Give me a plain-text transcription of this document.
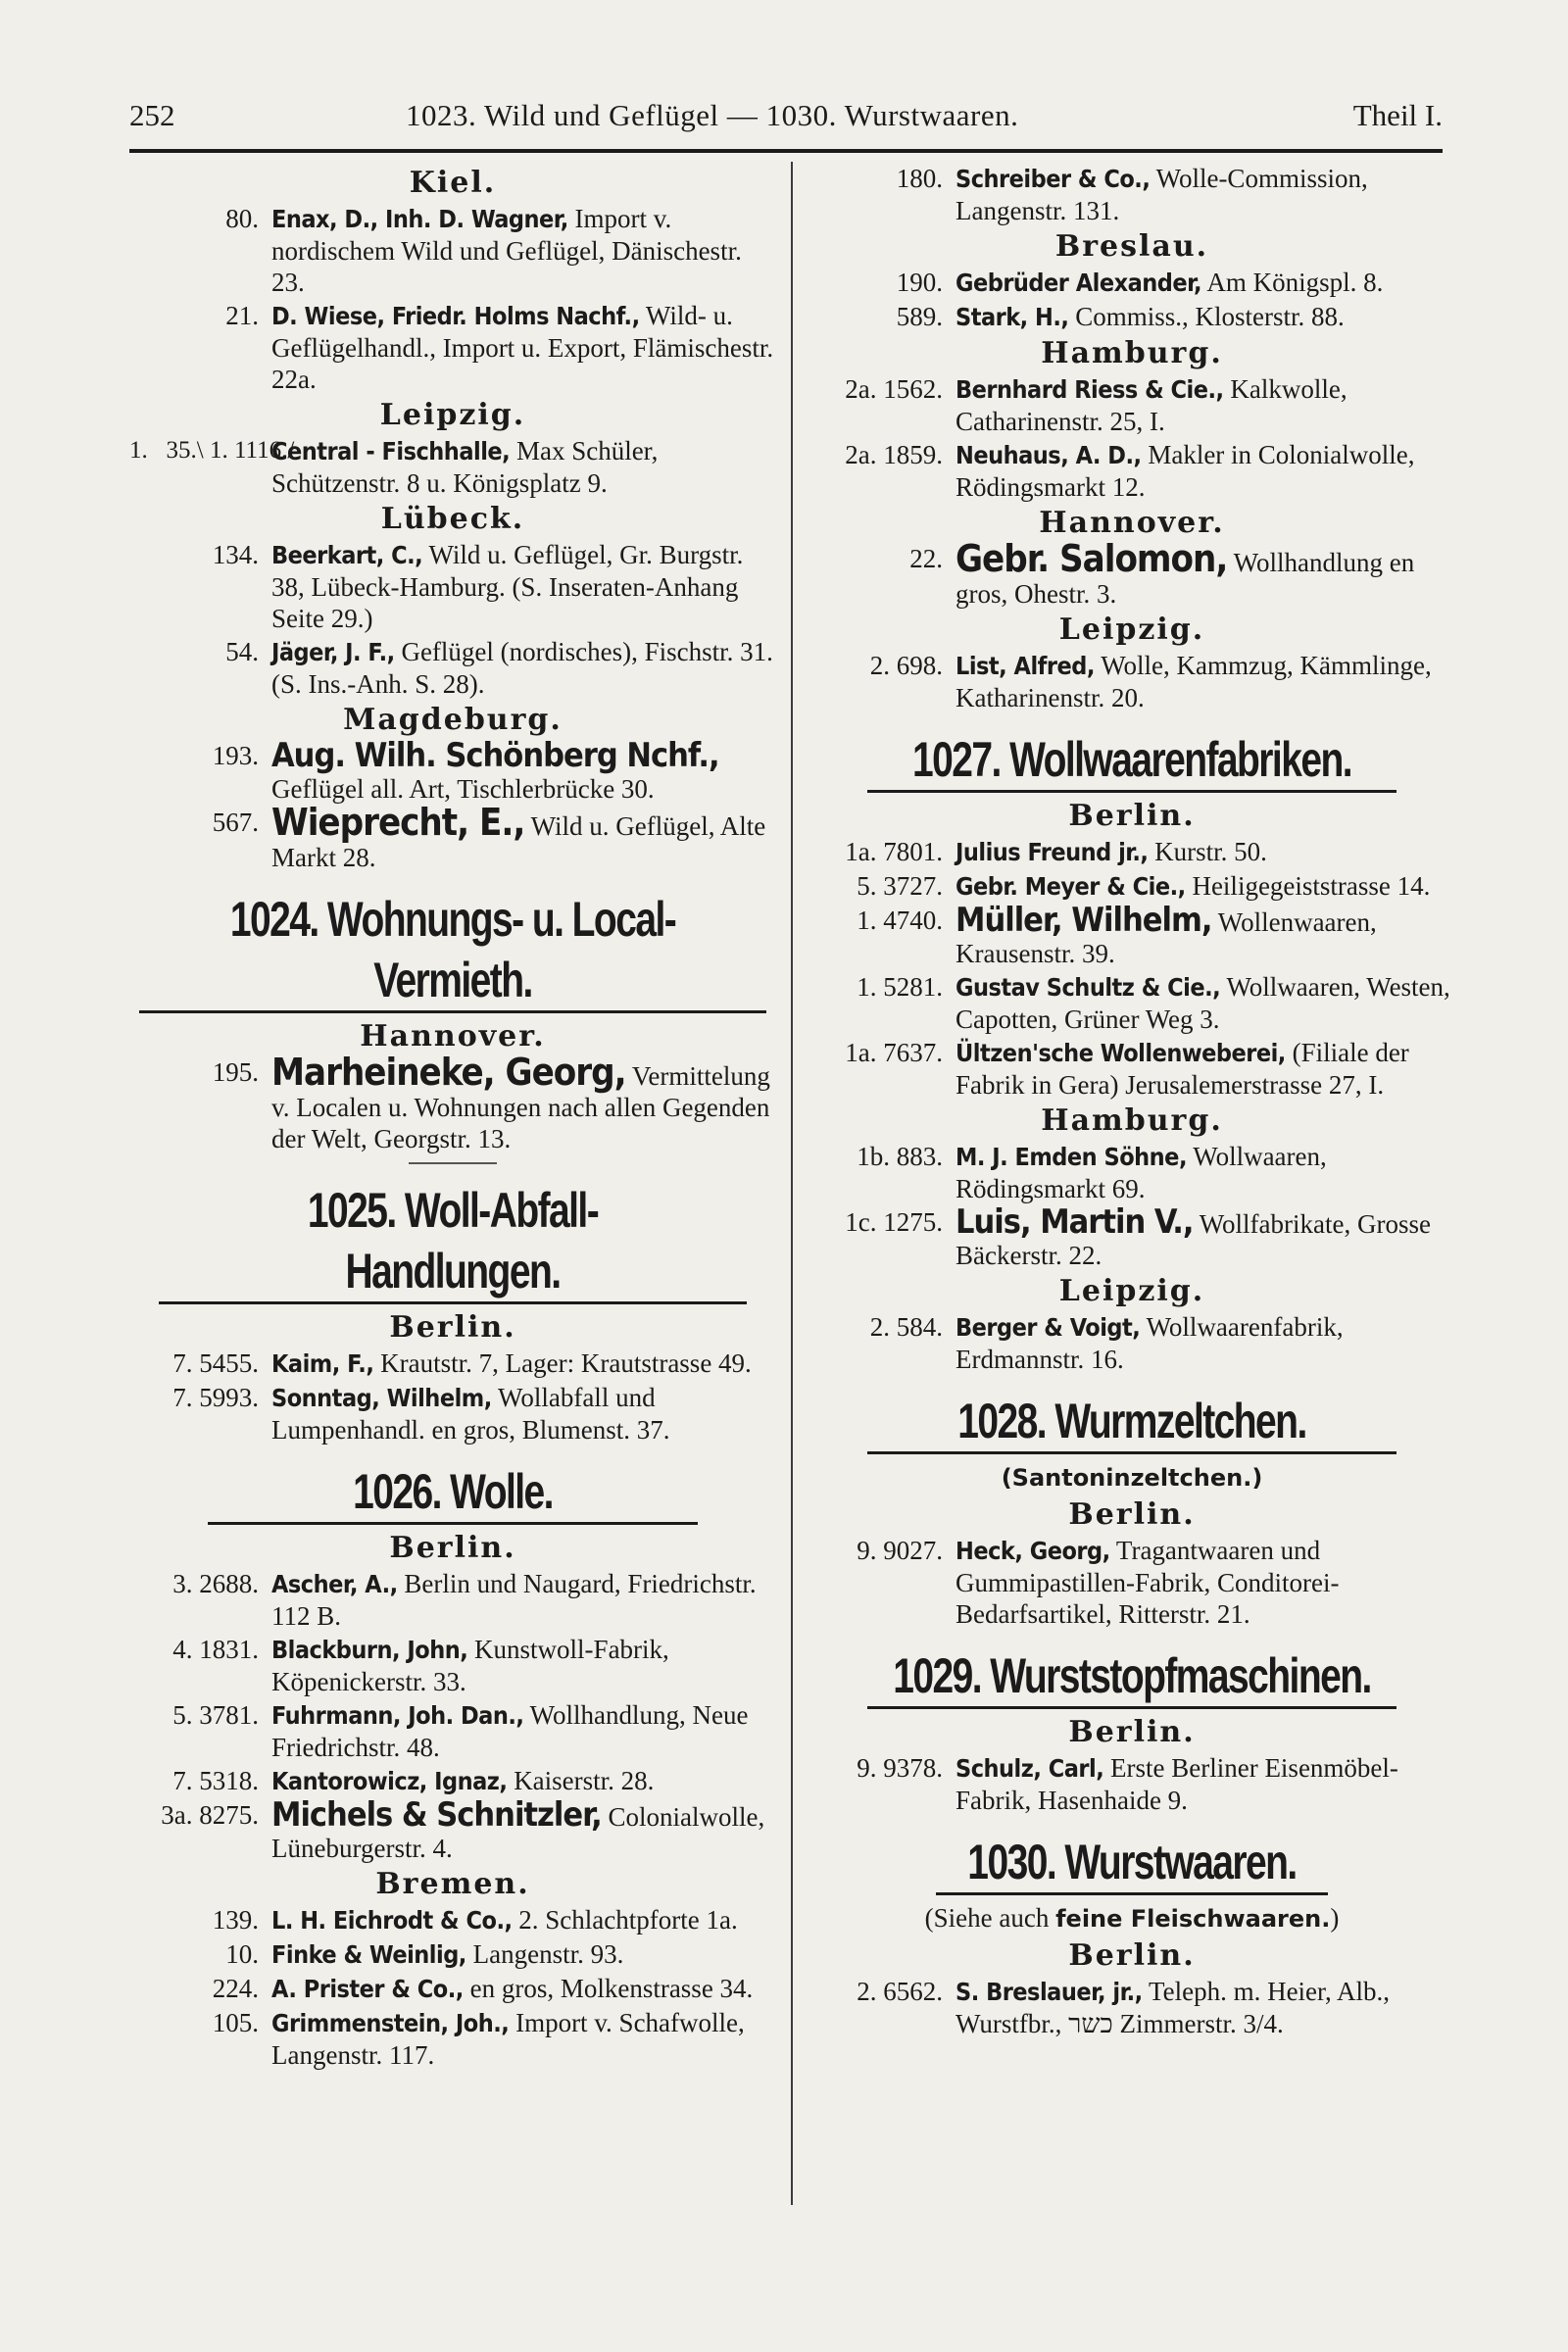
252	1023. Wild und Geflügel — 1030. Wurstwaaren.	Theil I.
Kiel.
80. Enax, D., Inh. D. Wagner, Import v. nordischem Wild und Geflügel, Dänischestr. 23.
21. D. Wiese, Friedr. Holms Nachf., Wild- u. Geflügelhandl., Import u. Export, Flämischestr. 22a.
Leipzig.
1.   35.\ 1. 1116./
Central - Fischhalle, Max Schüler, Schützenstr. 8 u. Königsplatz 9.
Lübeck.
134. Beerkart, C., Wild u. Geflügel, Gr. Burgstr. 38, Lübeck-Hamburg. (S. Inseraten-Anhang Seite 29.)
54. Jäger, J. F., Geflügel (nordisches), Fischstr. 31. (S. Ins.-Anh. S. 28).
Magdeburg.
193. Aug. Wilh. Schönberg Nchf., Geflügel all. Art, Tischlerbrücke 30.
567. Wieprecht, E., Wild u. Geflügel, Alte Markt 28.
1024. Wohnungs- u. Local-Vermieth.
Hannover.
195. Marheineke, Georg, Vermittelung v. Localen u. Wohnungen nach allen Gegenden der Welt, Georgstr. 13.
1025. Woll-Abfall-Handlungen.
Berlin.
7. 5455. Kaim, F., Krautstr. 7, Lager: Krautstrasse 49.
7. 5993. Sonntag, Wilhelm, Wollabfall und Lumpenhandl. en gros, Blumenst. 37.
1026. Wolle.
Berlin.
3. 2688. Ascher, A., Berlin und Naugard, Friedrichstr. 112 B.
4. 1831. Blackburn, John, Kunstwoll-Fabrik, Köpenickerstr. 33.
5. 3781. Fuhrmann, Joh. Dan., Wollhandlung, Neue Friedrichstr. 48.
7. 5318. Kantorowicz, Ignaz, Kaiserstr. 28.
3a. 8275. Michels & Schnitzler, Colonialwolle, Lüneburgerstr. 4.
Bremen.
139. L. H. Eichrodt & Co., 2. Schlachtpforte 1a.
10. Finke & Weinlig, Langenstr. 93.
224. A. Prister & Co., en gros, Molkenstrasse 34.
105. Grimmenstein, Joh., Import v. Schafwolle, Langenstr. 117.
180. Schreiber & Co., Wolle-Commission, Langenstr. 131.
Breslau.
190. Gebrüder Alexander, Am Königspl. 8.
589. Stark, H., Commiss., Klosterstr. 88.
Hamburg.
2a. 1562. Bernhard Riess & Cie., Kalkwolle, Catharinenstr. 25, I.
2a. 1859. Neuhaus, A. D., Makler in Colonialwolle, Rödingsmarkt 12.
Hannover.
22. Gebr. Salomon, Wollhandlung en gros, Ohestr. 3.
Leipzig.
2. 698. List, Alfred, Wolle, Kammzug, Kämmlinge, Katharinenstr. 20.
1027. Wollwaarenfabriken.
Berlin.
1a. 7801. Julius Freund jr., Kurstr. 50.
5. 3727. Gebr. Meyer & Cie., Heiligegeiststrasse 14.
1. 4740. Müller, Wilhelm, Wollenwaaren, Krausenstr. 39.
1. 5281. Gustav Schultz & Cie., Wollwaaren, Westen, Capotten, Grüner Weg 3.
1a. 7637. Ültzen'sche Wollenweberei, (Filiale der Fabrik in Gera) Jerusalemerstrasse 27, I.
Hamburg.
1b. 883. M. J. Emden Söhne, Wollwaaren, Rödingsmarkt 69.
1c. 1275. Luis, Martin V., Wollfabrikate, Grosse Bäckerstr. 22.
Leipzig.
2. 584. Berger & Voigt, Wollwaarenfabrik, Erdmannstr. 16.
1028. Wurmzeltchen.
(Santoninzeltchen.)
Berlin.
9. 9027. Heck, Georg, Tragantwaaren und Gummipastillen-Fabrik, Conditorei-Bedarfsartikel, Ritterstr. 21.
1029. Wurststopfmaschinen.
Berlin.
9. 9378. Schulz, Carl, Erste Berliner Eisenmöbel-Fabrik, Hasenhaide 9.
1030. Wurstwaaren.
(Siehe auch feine Fleischwaaren.)
Berlin.
2. 6562. S. Breslauer, jr., Teleph. m. Heier, Alb., Wurstfbr., כשר Zimmerstr. 3/4.
